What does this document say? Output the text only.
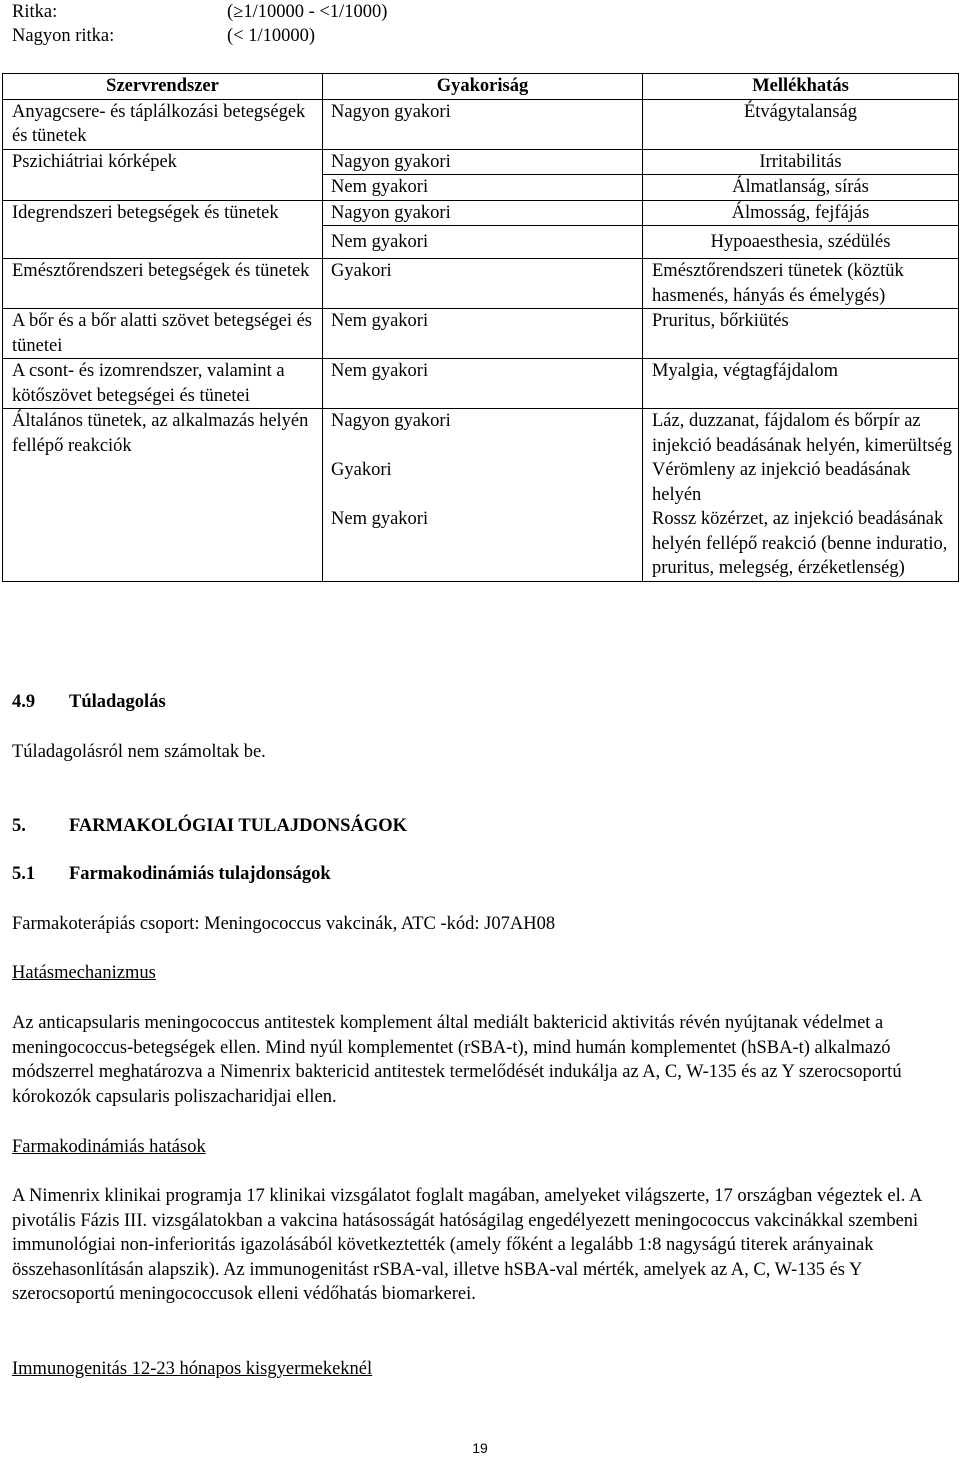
Ritka:	(≥1/10000 - <1/1000)
Nagyon ritka:	(< 1/10000)
Szervrendszer	Gyakoriság	Mellékhatás
Anyagcsere- és táplálkozási betegségek és tünetek	Nagyon gyakori	Étvágytalanság
Pszichiátriai kórképek	Nagyon gyakori	Irritabilitás
	Nem gyakori	Álmatlanság, sírás
Idegrendszeri betegségek és tünetek	Nagyon gyakori	Álmosság, fejfájás
	Nem gyakori	Hypoaesthesia, szédülés
Emésztőrendszeri betegségek és tünetek	Gyakori	Emésztőrendszeri tünetek (köztük hasmenés, hányás és émelygés)
A bőr és a bőr alatti szövet betegségei és tünetei	Nem gyakori	Pruritus, bőrkiütés
A csont- és izomrendszer, valamint a kötőszövet betegségei és tünetei	Nem gyakori	Myalgia, végtagfájdalom
Általános tünetek, az alkalmazás helyén fellépő reakciók	Nagyon gyakori	Láz, duzzanat, fájdalom és bőrpír az injekció beadásának helyén, kimerültség
	Gyakori	Vérömleny az injekció beadásának helyén
	Nem gyakori	Rossz közérzet, az injekció beadásának helyén fellépő reakció (benne induratio, pruritus, melegség, érzéketlenség)
4.9 Túladagolás
Túladagolásról nem számoltak be.
5. FARMAKOLÓGIAI TULAJDONSÁGOK
5.1 Farmakodinámiás tulajdonságok
Farmakoterápiás csoport: Meningococcus vakcinák, ATC -kód: J07AH08
Hatásmechanizmus
Az anticapsularis meningococcus antitestek komplement által mediált baktericid aktivitás révén nyújtanak védelmet a meningococcus-betegségek ellen. Mind nyúl komplementet (rSBA-t), mind humán komplementet (hSBA-t) alkalmazó módszerrel meghatározva a Nimenrix baktericid antitestek termelődését indukálja az A, C, W-135 és az Y szerocsoportú kórokozók capsularis poliszacharidjai ellen.
Farmakodinámiás hatások
A Nimenrix klinikai programja 17 klinikai vizsgálatot foglalt magában, amelyeket világszerte, 17 országban végeztek el. A pivotális Fázis III. vizsgálatokban a vakcina hatásosságát hatóságilag engedélyezett meningococcus vakcinákkal szembeni immunológiai non-inferioritás igazolásából következtették (amely főként a legalább 1:8 nagyságú titerek arányainak összehasonlításán alapszik). Az immunogenitást rSBA-val, illetve hSBA-val mérték, amelyek az A, C, W-135 és Y szerocsoportú meningococcusok elleni védőhatás biomarkerei.
Immunogenitás 12-23 hónapos kisgyermekeknél
19
